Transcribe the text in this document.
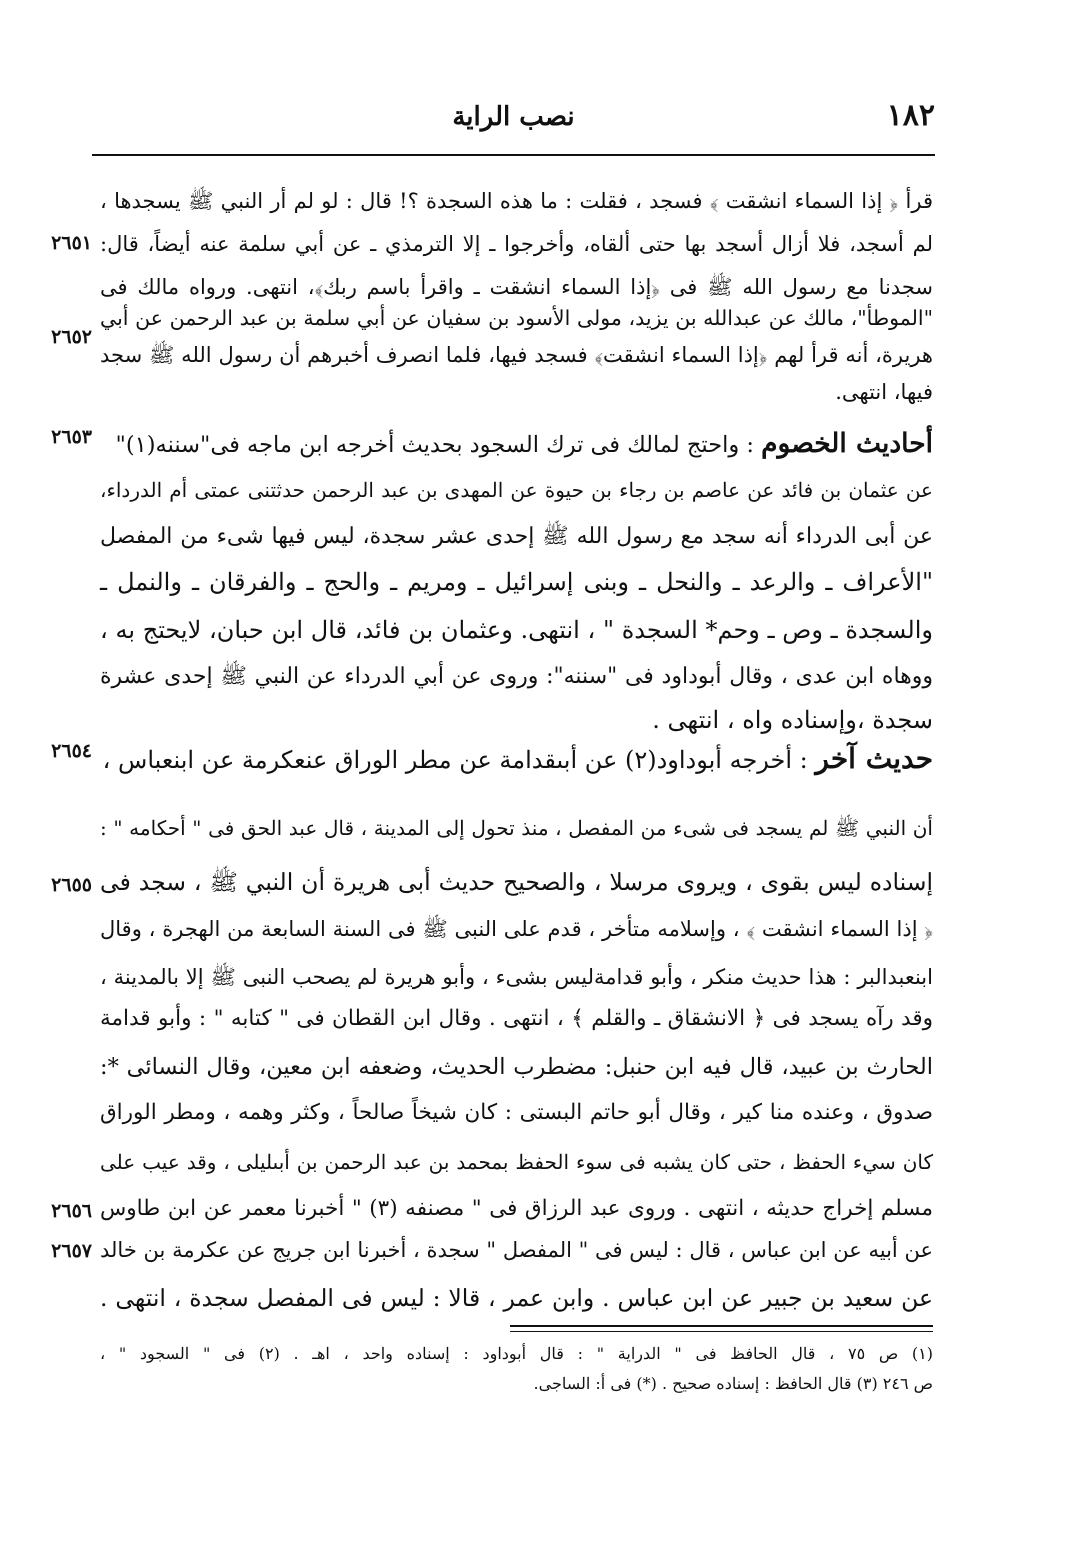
١٨٢
نصب الراية
٢٦٥١
٢٦٥٢
٢٦٥٣
٢٦٥٤
٢٦٥٥
٢٦٥٦
٢٦٥٧
قرأ ﴿ إذا السماء انشقت ﴾ فسجد ، فقلت : ما هذه السجدة ؟! قال : لو لم أر النبي ﷺ يسجدها ،
لم أسجد، فلا أزال أسجد بها حتى ألقاه، وأخرجوا ـ إلا الترمذي ـ عن أبي سلمة عنه أيضاً، قال:
سجدنا مع رسول الله ﷺ فى ﴿إذا السماء انشقت ـ واقرأ باسم ربك﴾، انتهى. ورواه مالك فى
"الموطأ"، مالك عن عبدالله بن يزيد، مولى الأسود بن سفيان عن أبي سلمة بن عبد الرحمن عن أبي
هريرة، أنه قرأ لهم ﴿إذا السماء انشقت﴾ فسجد فيها، فلما انصرف أخبرهم أن رسول الله ﷺ سجد
فيها، انتهى.
أحاديث الخصوم : واحتج لمالك فى ترك السجود بحديث أخرجه ابن ماجه فى"سننه(١)"
عن عثمان بن فائد عن عاصم بن رجاء بن حيوة عن المهدى بن عبد الرحمن حدثتنى عمتى أم الدرداء،
عن أبى الدرداء أنه سجد مع رسول الله ﷺ إحدى عشر سجدة، ليس فيها شىء من المفصل
"الأعراف ـ والرعد ـ والنحل ـ وبنى إسرائيل ـ ومريم ـ والحج ـ والفرقان ـ والنمل ـ
والسجدة ـ وص ـ وحم* السجدة " ، انتهى. وعثمان بن فائد، قال ابن حبان، لايحتج به ،
ووهاه ابن عدى ، وقال أبوداود فى "سننه": وروى عن أبي الدرداء عن النبي ﷺ إحدى عشرة
سجدة ،وإسناده واه ، انتهى .
حديث آخر : أخرجه أبوداود(٢) عن أبىقدامة عن مطر الوراق عنعكرمة عن ابنعباس ،
أن النبي ﷺ لم يسجد فى شىء من المفصل ، منذ تحول إلى المدينة ، قال عبد الحق فى " أحكامه " :
إسناده ليس بقوى ، ويروى مرسلا ، والصحيح حديث أبى هريرة أن النبي ﷺ ، سجد فى
﴿ إذا السماء انشقت ﴾ ، وإسلامه متأخر ، قدم على النبى ﷺ فى السنة السابعة من الهجرة ، وقال
ابنعبدالبر : هذا حديث منكر ، وأبو قدامةليس بشىء ، وأبو هريرة لم يصحب النبى ﷺ إلا بالمدينة ،
وقد رآه يسجد فى ﴿ الانشقاق ـ والقلم ﴾ ، انتهى . وقال ابن القطان فى " كتابه " : وأبو قدامة
الحارث بن عبيد، قال فيه ابن حنبل: مضطرب الحديث، وضعفه ابن معين، وقال النسائى *:
صدوق ، وعنده منا كير ، وقال أبو حاتم البستى : كان شيخاً صالحاً ، وكثر وهمه ، ومطر الوراق
كان سيء الحفظ ، حتى كان يشبه فى سوء الحفظ بمحمد بن عبد الرحمن بن أبىليلى ، وقد عيب على
مسلم إخراج حديثه ، انتهى . وروى عبد الرزاق فى " مصنفه (٣) " أخبرنا معمر عن ابن طاوس
عن أبيه عن ابن عباس ، قال : ليس فى " المفصل " سجدة ، أخبرنا ابن جريج عن عكرمة بن خالد
عن سعيد بن جبير عن ابن عباس . وابن عمر ، قالا : ليس فى المفصل سجدة ، انتهى .
(١) ص ٧٥ ، قال الحافظ فى " الدراية " : قال أبوداود : إسناده واحد ، اهـ . (٢) فى " السجود " ،
ص ٢٤٦ (٣) قال الحافظ : إسناده صحيح . (*) فى أ: الساجى.
